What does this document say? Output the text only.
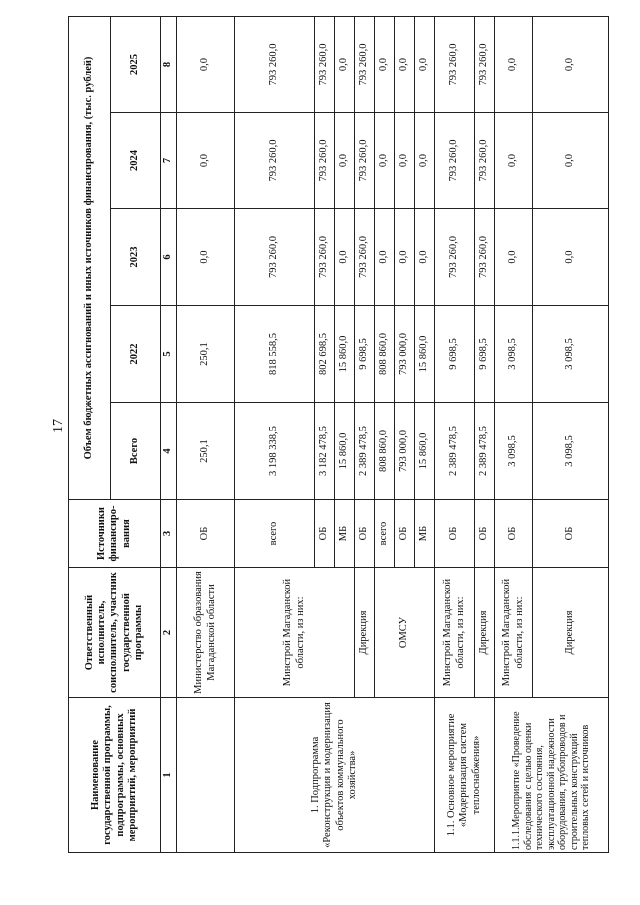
17
Наименование государственной программы, подпрограммы, основных мероприятий, мероприятий	Ответственный исполнитель, соисполнитель, участник государственной программы	Источники финансиро-вания	Объем бюджетных ассигнований и иных источников финансирования, (тыс. рублей)				
			Всего	2022	2023	2024	2025
1	2	3	4	5	6	7	8
	Министерство образования Магаданской области	ОБ	250,1	250,1	0,0	0,0	0,0
1. Подпрограмма «Реконструкция и модернизация объектов коммунального хозяйства»	Минстрой Магаданской области, из них:	всего	3 198 338,5	818 558,5	793 260,0	793 260,0	793 260,0
		ОБ	3 182 478,5	802 698,5	793 260,0	793 260,0	793 260,0
		МБ	15 860,0	15 860,0	0,0	0,0	0,0
	Дирекция	ОБ	2 389 478,5	9 698,5	793 260,0	793 260,0	793 260,0
	ОМСУ	всего	808 860,0	808 860,0	0,0	0,0	0,0
		ОБ	793 000,0	793 000,0	0,0	0,0	0,0
		МБ	15 860,0	15 860,0	0,0	0,0	0,0
1.1. Основное мероприятие «Модернизация систем теплоснабжения»	Минстрой Магаданской области, из них:	ОБ	2 389 478,5	9 698,5	793 260,0	793 260,0	793 260,0
	Дирекция	ОБ	2 389 478,5	9 698,5	793 260,0	793 260,0	793 260,0
1.1.1.Мероприятие «Проведение обследования с целью оценки технического состояния, эксплуатационной надежности оборудования, трубопроводов и строительных конструкций тепловых сетей и источников	Минстрой Магаданской области, из них:	ОБ	3 098,5	3 098,5	0,0	0,0	0,0
	Дирекция	ОБ	3 098,5	3 098,5	0,0	0,0	0,0
